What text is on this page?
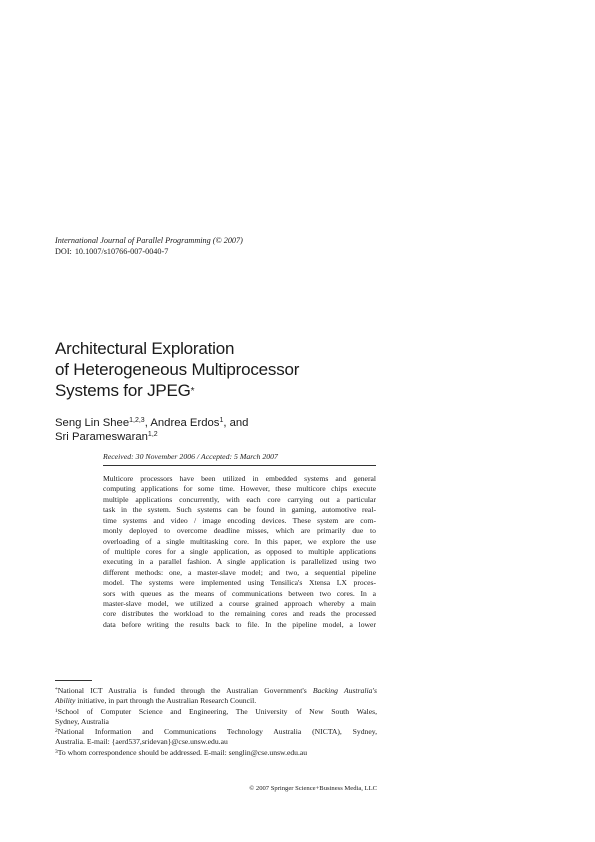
International Journal of Parallel Programming (© 2007)
DOI: 10.1007/s10766-007-0040-7
Architectural Exploration
of Heterogeneous Multiprocessor
Systems for JPEG*
Seng Lin Shee$^{1,2,3}$, Andrea Erdos$^1$, and
Sri Parameswaran$^{1,2}$
Received: 30 November 2006 / Accepted: 5 March 2007
Multicore processors have been utilized in embedded systems and general
computing applications for some time. However, these multicore chips execute
multiple applications concurrently, with each core carrying out a particular
task in the system. Such systems can be found in gaming, automotive real-
time systems and video / image encoding devices. These system are com-
monly deployed to overcome deadline misses, which are primarily due to
overloading of a single multitasking core. In this paper, we explore the use
of multiple cores for a single application, as opposed to multiple applications
executing in a parallel fashion. A single application is parallelized using two
different methods: one, a master-slave model; and two, a sequential pipeline
model. The systems were implemented using Tensilica's Xtensa LX proces-
sors with queues as the means of communications between two cores. In a
master-slave model, we utilized a course grained approach whereby a main
core distributes the workload to the remaining cores and reads the processed
data before writing the results back to file. In the pipeline model, a lower
*National ICT Australia is funded through the Australian Government's Backing Australia's
Ability initiative, in part through the Australian Research Council.
$^1$School of Computer Science and Engineering, The University of New South Wales,
Sydney, Australia
$^2$National Information and Communications Technology Australia (NICTA), Sydney,
Australia. E-mail: {aerd537,sridevan}@cse.unsw.edu.au
$^3$To whom correspondence should be addressed. E-mail: senglin@cse.unsw.edu.au
© 2007 Springer Science+Business Media, LLC
